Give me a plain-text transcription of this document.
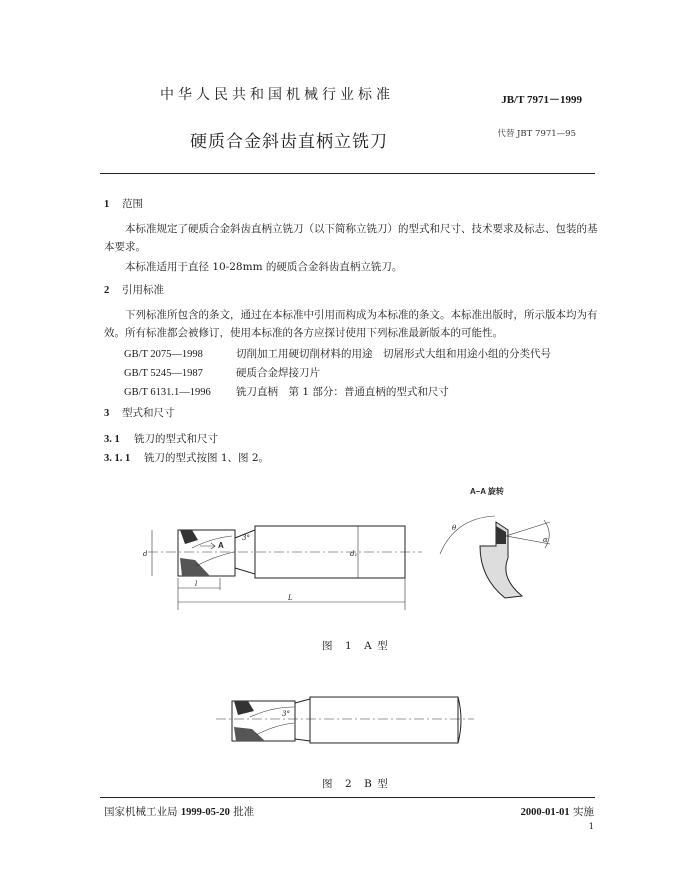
中华人民共和国机械行业标准	JB/T 7971－1999
硬质合金斜齿直柄立铣刀	代替 JBT 7971—95
1 范围
本标准规定了硬质合金斜齿直柄立铣刀（以下简称立铣刀）的型式和尺寸、技术要求及标志、包装的基本要求。
本标准适用于直径 10-28mm 的硬质合金斜齿直柄立铣刀。
2 引用标准
下列标准所包含的条文，通过在本标准中引用而构成为本标准的条文。本标准出版时，所示版本均为有效。所有标准都会被修订，使用本标准的各方应探讨使用下列标准最新版本的可能性。
GB/T 2075—1998	切削加工用硬切削材料的用途　切屑形式大组和用途小组的分类代号
GB/T 5245—1987	硬质合金焊接刀片
GB/T 6131.1—1996 铣刀直柄　第 1 部分：普通直柄的型式和尺寸
3 型式和尺寸
3. 1 铣刀的型式和尺寸
3. 1. 1 铣刀的型式按图 1、图 2。
A–A 旋转
A
3°
d	d₁
l
L
θ
α
图　1　A 型
3°
图　2　B 型
国家机械工业局 1999-05-20 批准	2000-01-01 实施
1
